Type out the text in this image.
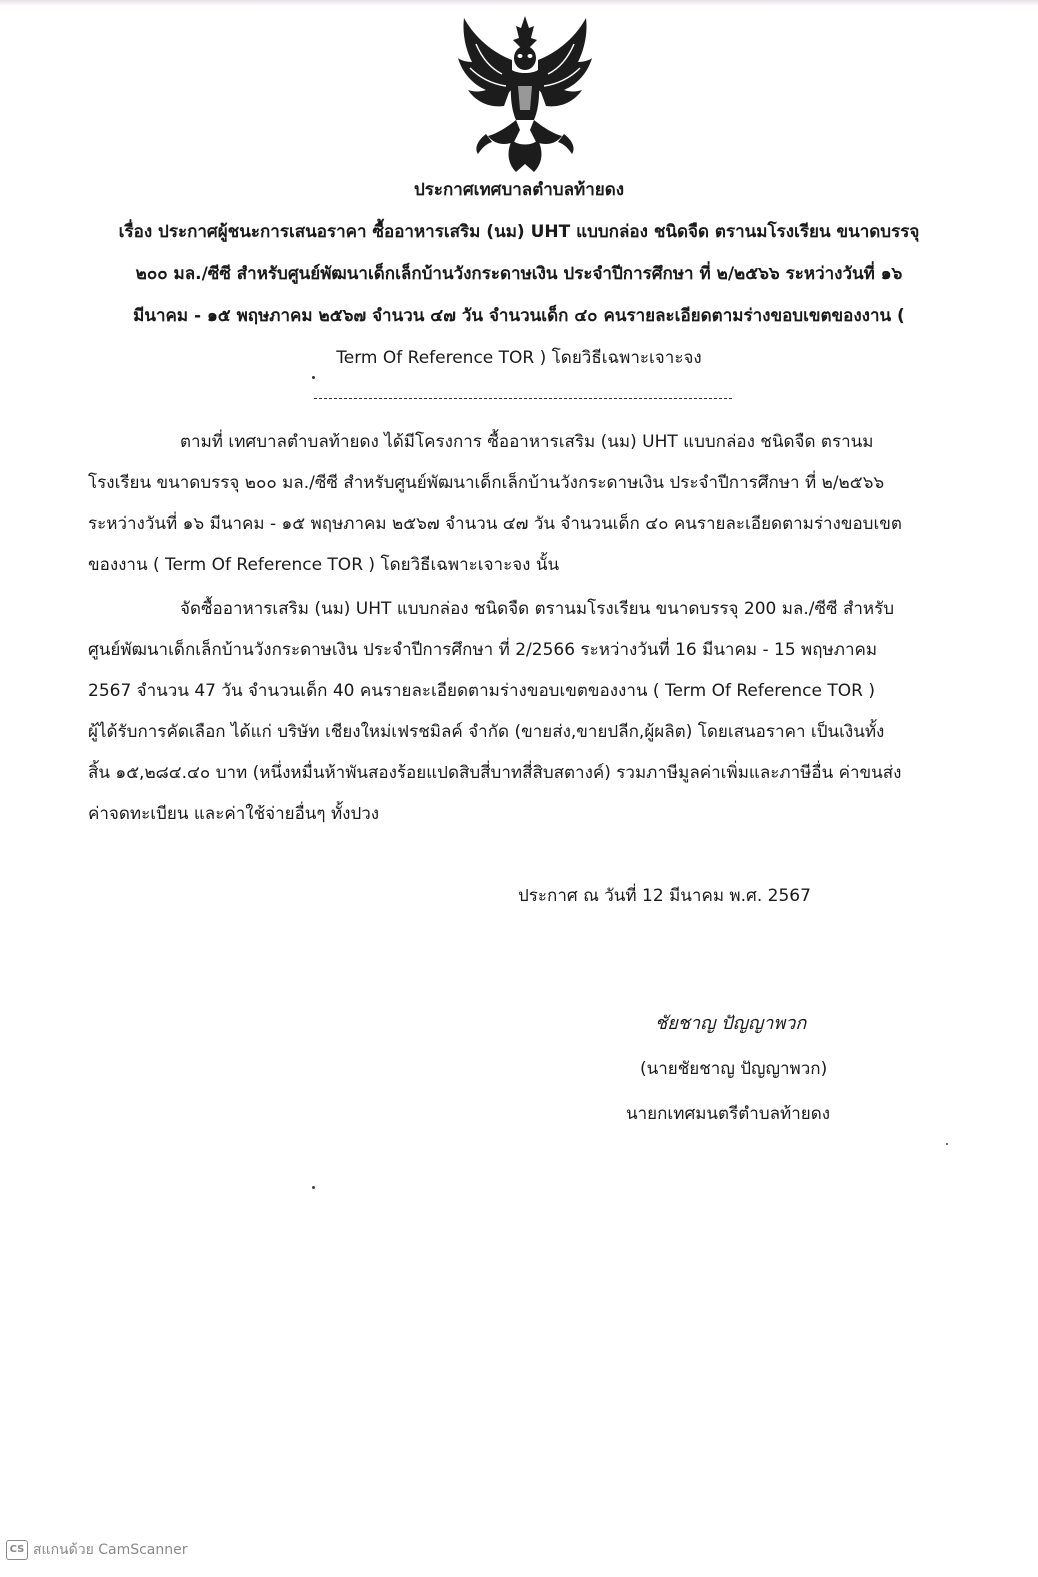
ประกาศเทศบาลตำบลท้ายดง
เรื่อง ประกาศผู้ชนะการเสนอราคา ซื้ออาหารเสริม (นม) UHT แบบกล่อง ชนิดจืด ตรานมโรงเรียน ขนาดบรรจุ
๒๐๐ มล./ซีซี สำหรับศูนย์พัฒนาเด็กเล็กบ้านวังกระดาษเงิน ประจำปีการศึกษา ที่ ๒/๒๕๖๖ ระหว่างวันที่ ๑๖
มีนาคม - ๑๕ พฤษภาคม ๒๕๖๗ จำนวน ๔๗ วัน จำนวนเด็ก ๔๐ คนรายละเอียดตามร่างขอบเขตของงาน (
Term Of Reference TOR ) โดยวิธีเฉพาะเจาะจง
ตามที่ เทศบาลตำบลท้ายดง ได้มีโครงการ ซื้ออาหารเสริม (นม) UHT แบบกล่อง ชนิดจืด ตรานม
โรงเรียน ขนาดบรรจุ ๒๐๐ มล./ซีซี สำหรับศูนย์พัฒนาเด็กเล็กบ้านวังกระดาษเงิน ประจำปีการศึกษา ที่ ๒/๒๕๖๖
ระหว่างวันที่ ๑๖ มีนาคม - ๑๕ พฤษภาคม ๒๕๖๗ จำนวน ๔๗ วัน จำนวนเด็ก ๔๐ คนรายละเอียดตามร่างขอบเขต
ของงาน ( Term Of Reference TOR ) โดยวิธีเฉพาะเจาะจง นั้น
จัดซื้ออาหารเสริม (นม) UHT แบบกล่อง ชนิดจืด ตรานมโรงเรียน ขนาดบรรจุ 200 มล./ซีซี สำหรับ
ศูนย์พัฒนาเด็กเล็กบ้านวังกระดาษเงิน ประจำปีการศึกษา ที่ 2/2566 ระหว่างวันที่ 16 มีนาคม - 15 พฤษภาคม
2567 จำนวน 47 วัน จำนวนเด็ก 40 คนรายละเอียดตามร่างขอบเขตของงาน ( Term Of Reference TOR )
ผู้ได้รับการคัดเลือก ได้แก่ บริษัท เชียงใหม่เฟรชมิลค์ จำกัด (ขายส่ง,ขายปลีก,ผู้ผลิต) โดยเสนอราคา เป็นเงินทั้ง
สิ้น ๑๕,๒๘๔.๔๐ บาท (หนึ่งหมื่นห้าพันสองร้อยแปดสิบสี่บาทสี่สิบสตางค์) รวมภาษีมูลค่าเพิ่มและภาษีอื่น ค่าขนส่ง
ค่าจดทะเบียน และค่าใช้จ่ายอื่นๆ ทั้งปวง
ประกาศ ณ วันที่ 12 มีนาคม พ.ศ. 2567
ชัยชาญ ปัญญาพวก
(นายชัยชาญ ปัญญาพวก)
นายกเทศมนตรีตำบลท้ายดง
CS สแกนด้วย CamScanner
